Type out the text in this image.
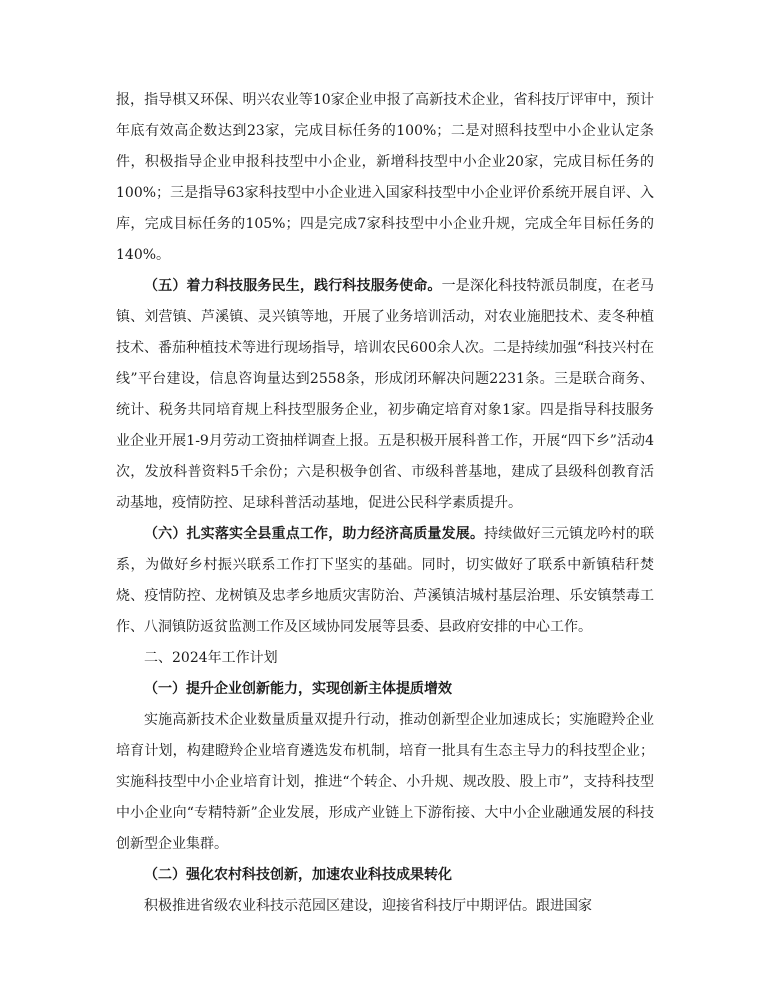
报，指导棋又环保、明兴农业等10家企业申报了高新技术企业，省科技厅评审中，预计年底有效高企数达到23家，完成目标任务的100%；二是对照科技型中小企业认定条件，积极指导企业申报科技型中小企业，新增科技型中小企业20家，完成目标任务的100%；三是指导63家科技型中小企业进入国家科技型中小企业评价系统开展自评、入库，完成目标任务的105%；四是完成7家科技型中小企业升规，完成全年目标任务的140%。

（五）着力科技服务民生，践行科技服务使命。一是深化科技特派员制度，在老马镇、刘营镇、芦溪镇、灵兴镇等地，开展了业务培训活动，对农业施肥技术、麦冬种植技术、番茄种植技术等进行现场指导，培训农民600余人次。二是持续加强“科技兴村在线”平台建设，信息咨询量达到2558条，形成闭环解决问题2231条。三是联合商务、统计、税务共同培育规上科技型服务企业，初步确定培育对象1家。四是指导科技服务业企业开展1-9月劳动工资抽样调查上报。五是积极开展科普工作，开展“四下乡”活动4次，发放科普资料5千余份；六是积极争创省、市级科普基地，建成了县级科创教育活动基地，疫情防控、足球科普活动基地，促进公民科学素质提升。

（六）扎实落实全县重点工作，助力经济高质量发展。持续做好三元镇龙吟村的联系，为做好乡村振兴联系工作打下坚实的基础。同时，切实做好了联系中新镇秸秆焚烧、疫情防控、龙树镇及忠孝乡地质灾害防治、芦溪镇洁城村基层治理、乐安镇禁毒工作、八洞镇防返贫监测工作及区域协同发展等县委、县政府安排的中心工作。

二、2024年工作计划

（一）提升企业创新能力，实现创新主体提质增效

实施高新技术企业数量质量双提升行动，推动创新型企业加速成长；实施瞪羚企业培育计划，构建瞪羚企业培育遴选发布机制，培育一批具有生态主导力的科技型企业；实施科技型中小企业培育计划，推进“个转企、小升规、规改股、股上市”，支持科技型中小企业向“专精特新”企业发展，形成产业链上下游衔接、大中小企业融通发展的科技创新型企业集群。

（二）强化农村科技创新，加速农业科技成果转化

积极推进省级农业科技示范园区建设，迎接省科技厅中期评估。跟进国家
